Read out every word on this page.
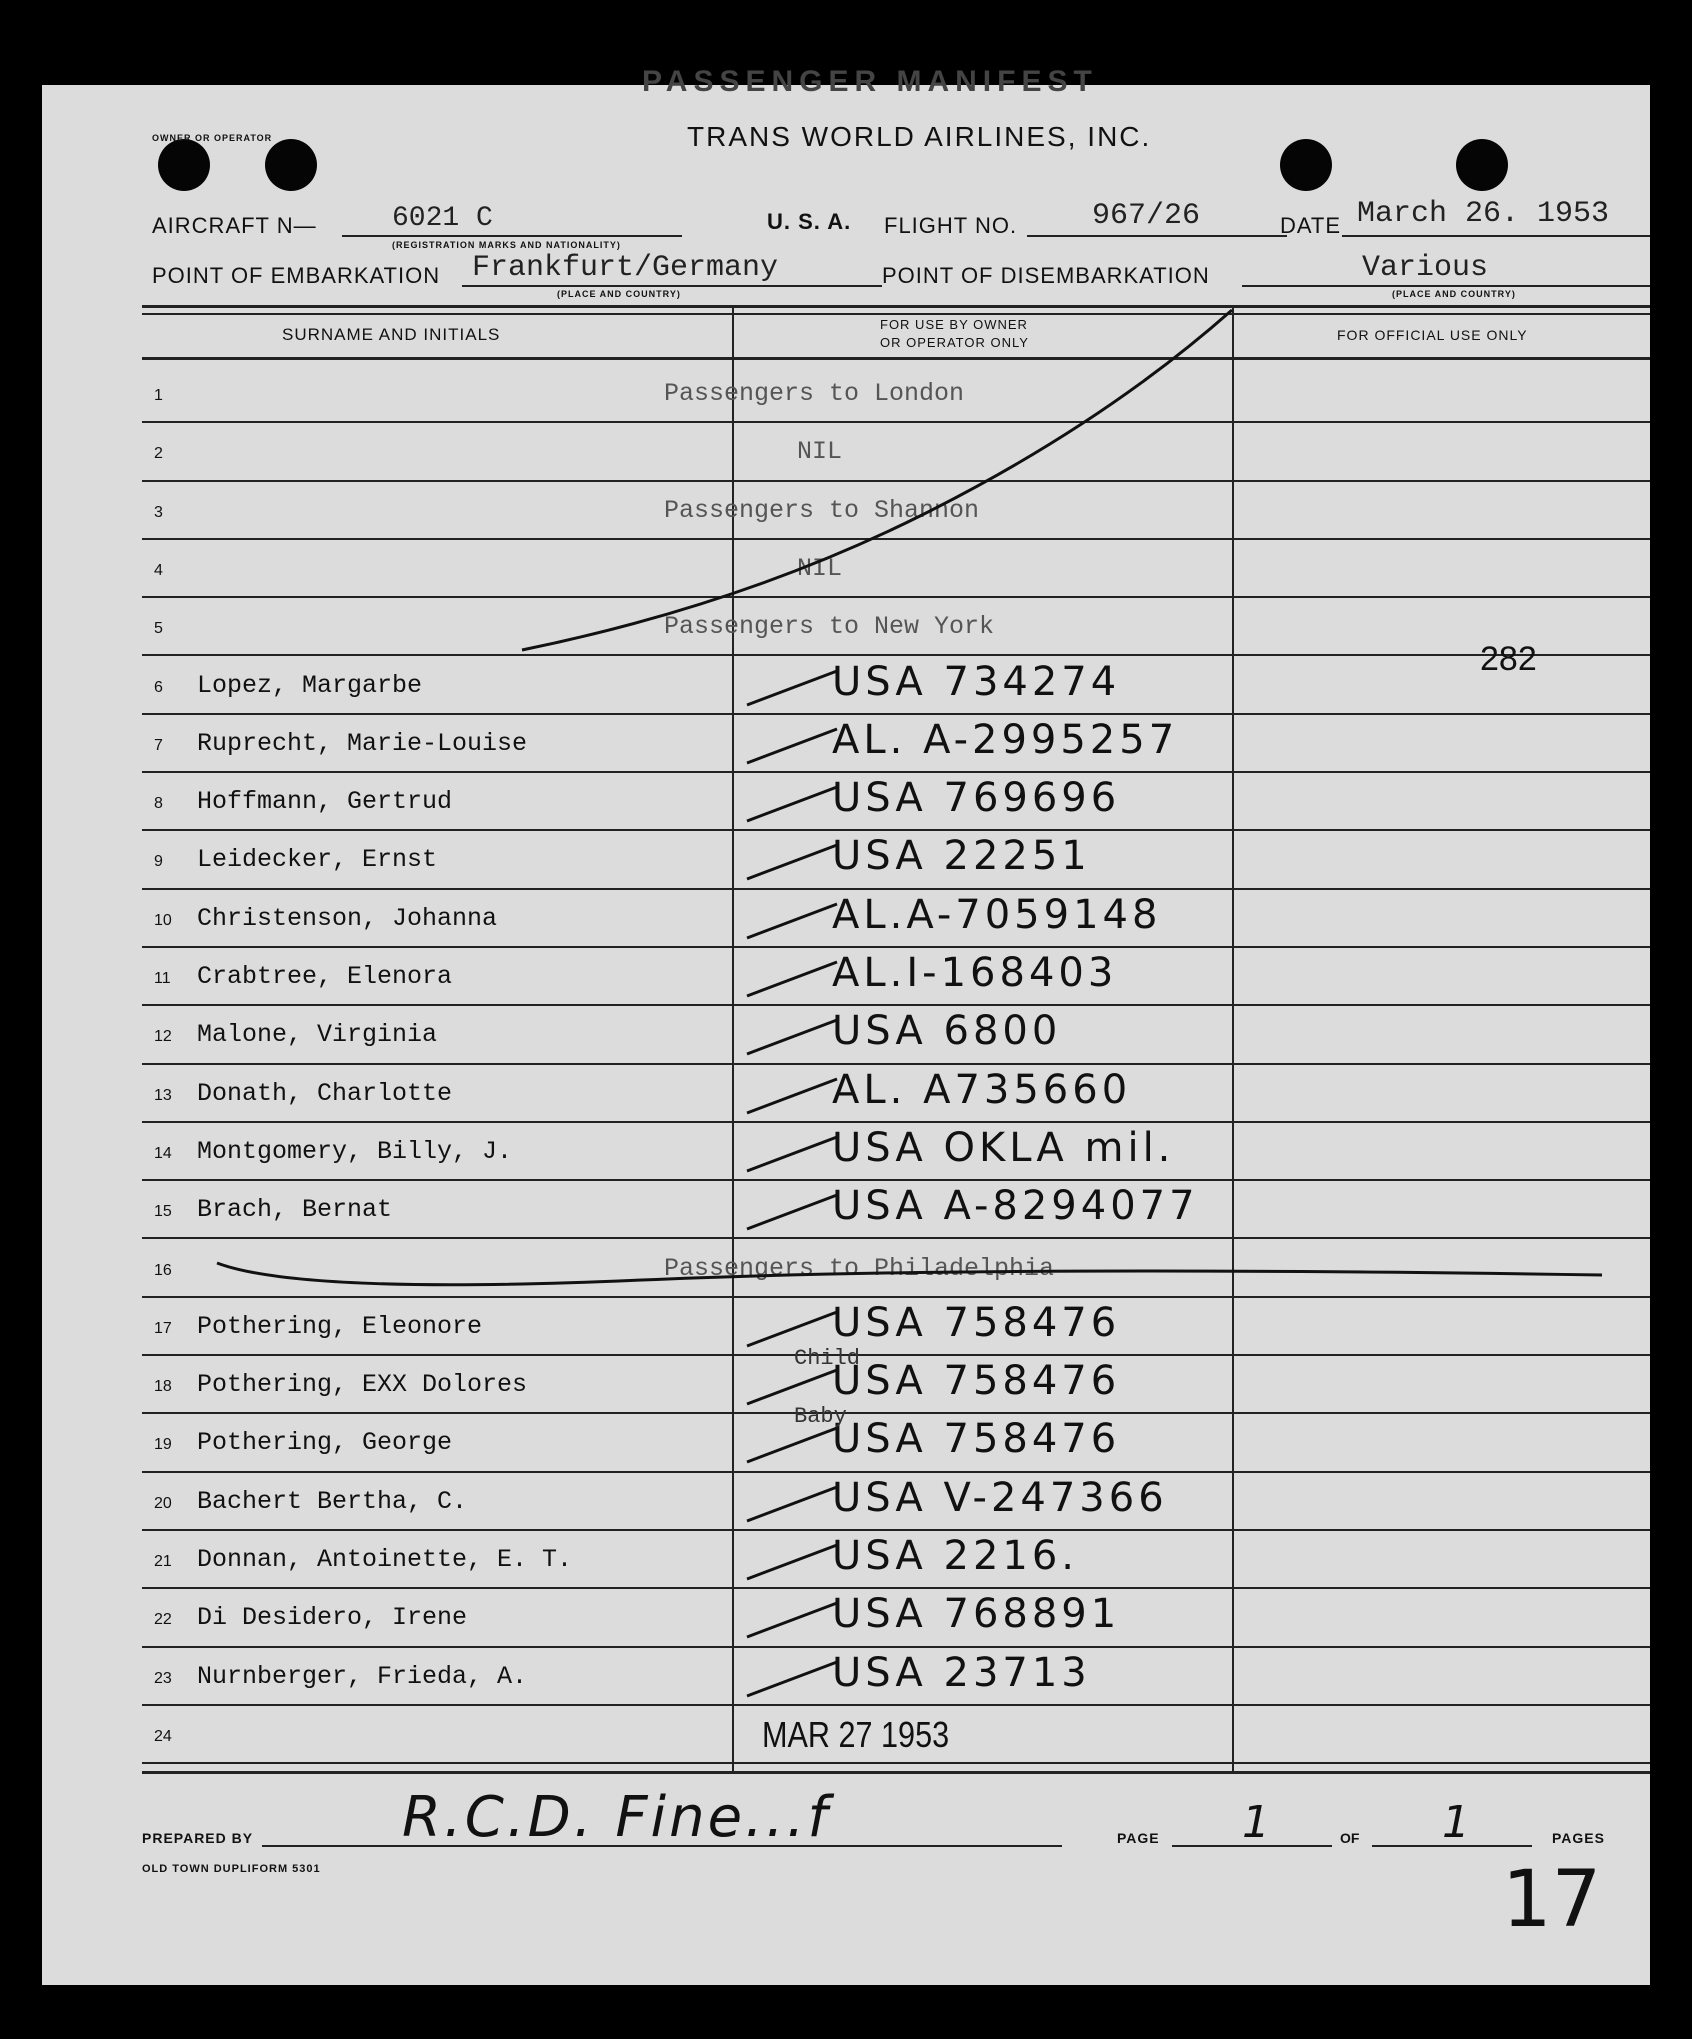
PASSENGER MANIFEST
OWNER OR OPERATOR	TRANS WORLD AIRLINES, INC.
AIRCRAFT N—	6021 C
(REGISTRATION MARKS AND NATIONALITY)
U. S. A. FLIGHT NO. 967/26	DATE March 26. 1953
POINT OF EMBARKATION Frankfurt/Germany
(PLACE AND COUNTRY)
POINT OF DISEMBARKATION	Various
(PLACE AND COUNTRY)
SURNAME AND INITIALS
FOR USE BY OWNER
OR OPERATOR ONLY	FOR OFFICIAL USE ONLY
1	Passengers to London
2	NIL
3	Passengers to Shannon
4	NIL
5	Passengers to New York
6	Lopez, Margarbe	USA 734274
7	Ruprecht, Marie-Louise	AL. A-2995257
8	Hoffmann, Gertrud	USA 769696
9	Leidecker, Ernst	USA 22251
10	Christenson, Johanna	AL.A-7059148
11	Crabtree, Elenora	AL.I-168403
12	Malone, Virginia	USA 6800
13	Donath, Charlotte	AL. A735660
14	Montgomery, Billy, J.	USA OKLA mil.
15	Brach, Bernat	USA A-8294077
16	Passengers to Philadelphia
17	Pothering, Eleonore	USA 758476
18	Pothering, EXX Dolores	USA 758476
Child
19	Pothering, George	USA 758476
Baby
20	Bachert Bertha, C.	USA V-247366
21	Donnan, Antoinette, E. T.	USA 2216.
22	Di Desidero, Irene	USA 768891
23	Nurnberger, Frieda, A.	USA 23713
24	MAR 27 1953
282
PREPARED BY	R.C.D. Fine...f	PAGE 1	OF 1	PAGES
OLD TOWN DUPLIFORM 5301	17
